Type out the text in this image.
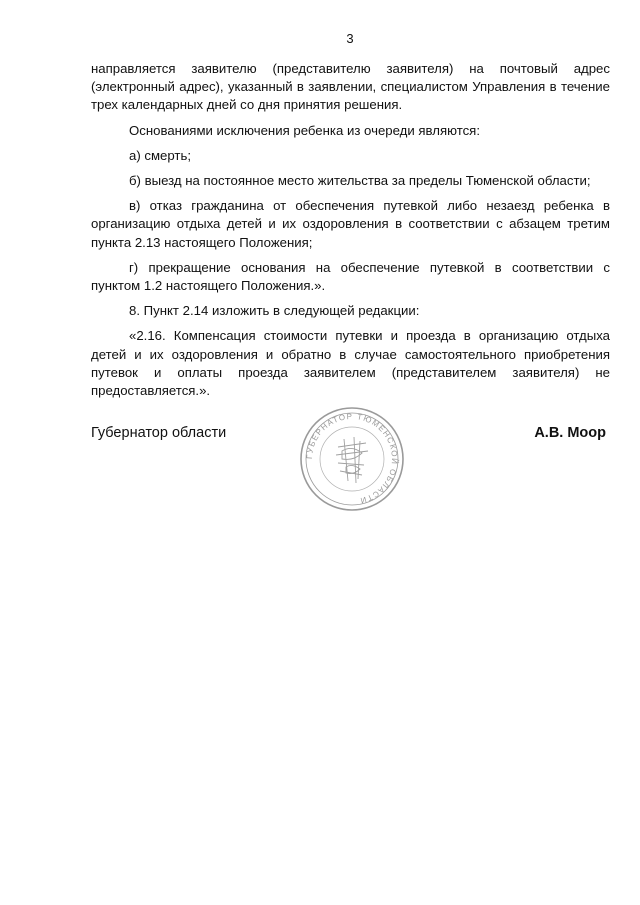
3

направляется заявителю (представителю заявителя) на почтовый адрес (электронный адрес), указанный в заявлении, специалистом Управления в течение трех календарных дней со дня принятия решения.

Основаниями исключения ребенка из очереди являются:

а) смерть;

б) выезд на постоянное место жительства за пределы Тюменской области;

в) отказ гражданина от обеспечения путевкой либо незаезд ребенка в организацию отдыха детей и их оздоровления в соответствии с абзацем третим пункта 2.13 настоящего Положения;

г) прекращение основания на обеспечение путевкой в соответствии с пунктом 1.2 настоящего Положения.».

8. Пункт 2.14 изложить в следующей редакции:

«2.16. Компенсация стоимости путевки и проезда в организацию отдыха детей и их оздоровления и обратно в случае самостоятельного приобретения путевок и оплаты проезда заявителем (представителем заявителя) не предоставляется.».

Губернатор области
ГУБЕРНАТОР ТЮМЕНСКОЙ ОБЛАСТИ
А.В. Моор
